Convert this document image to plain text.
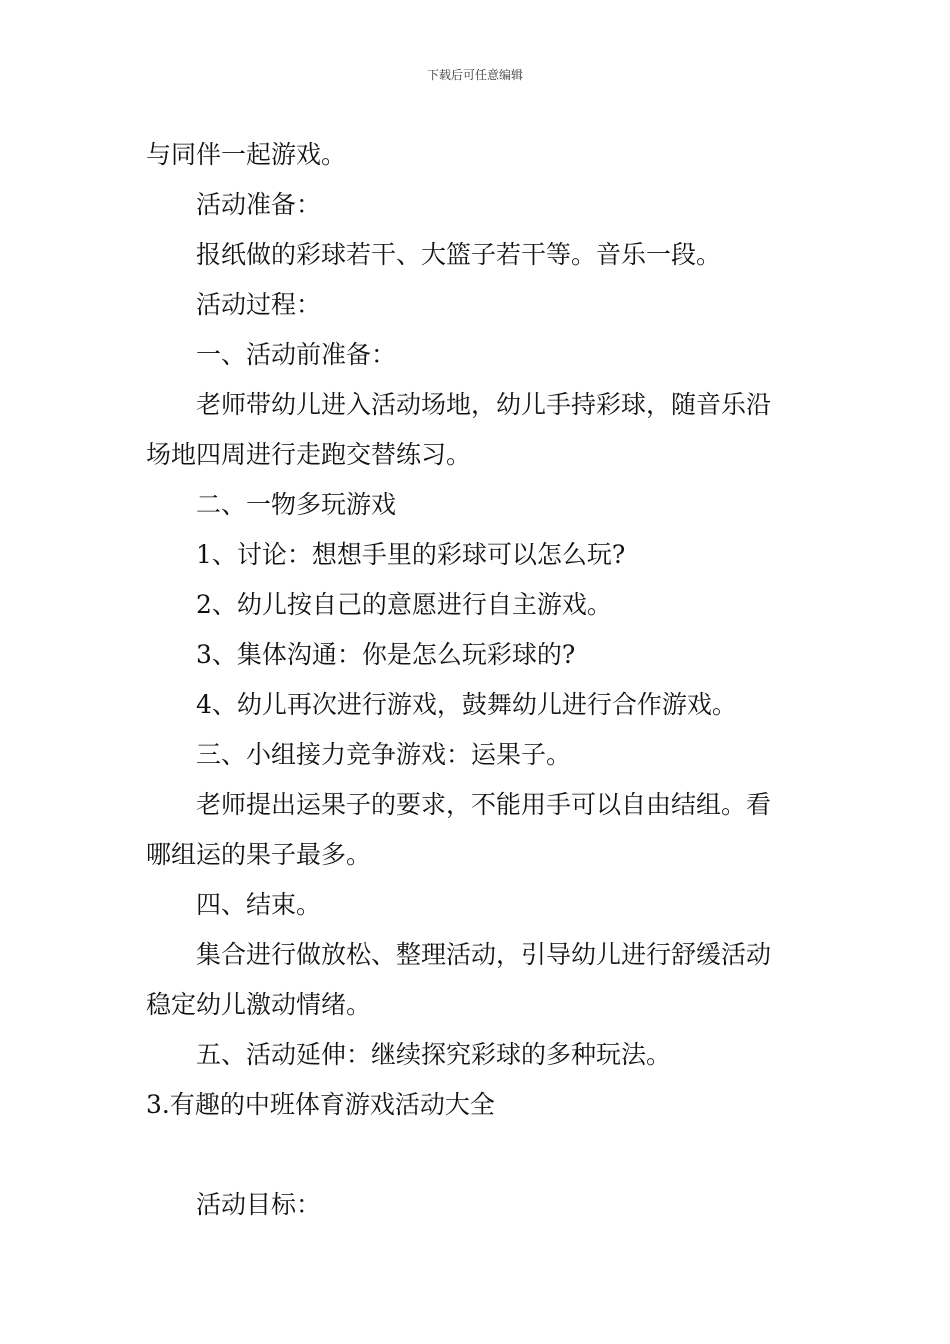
下载后可任意编辑
与同伴一起游戏。
活动准备：
报纸做的彩球若干、大篮子若干等。音乐一段。
活动过程：
一、活动前准备：
老师带幼儿进入活动场地，幼儿手持彩球，随音乐沿
场地四周进行走跑交替练习。
二、一物多玩游戏
1、讨论：想想手里的彩球可以怎么玩?
2、幼儿按自己的意愿进行自主游戏。
3、集体沟通：你是怎么玩彩球的?
4、幼儿再次进行游戏，鼓舞幼儿进行合作游戏。
三、小组接力竞争游戏：运果子。
老师提出运果子的要求，不能用手可以自由结组。看
哪组运的果子最多。
四、结束。
集合进行做放松、整理活动，引导幼儿进行舒缓活动
稳定幼儿激动情绪。
五、活动延伸：继续探究彩球的多种玩法。
3.有趣的中班体育游戏活动大全
活动目标：
